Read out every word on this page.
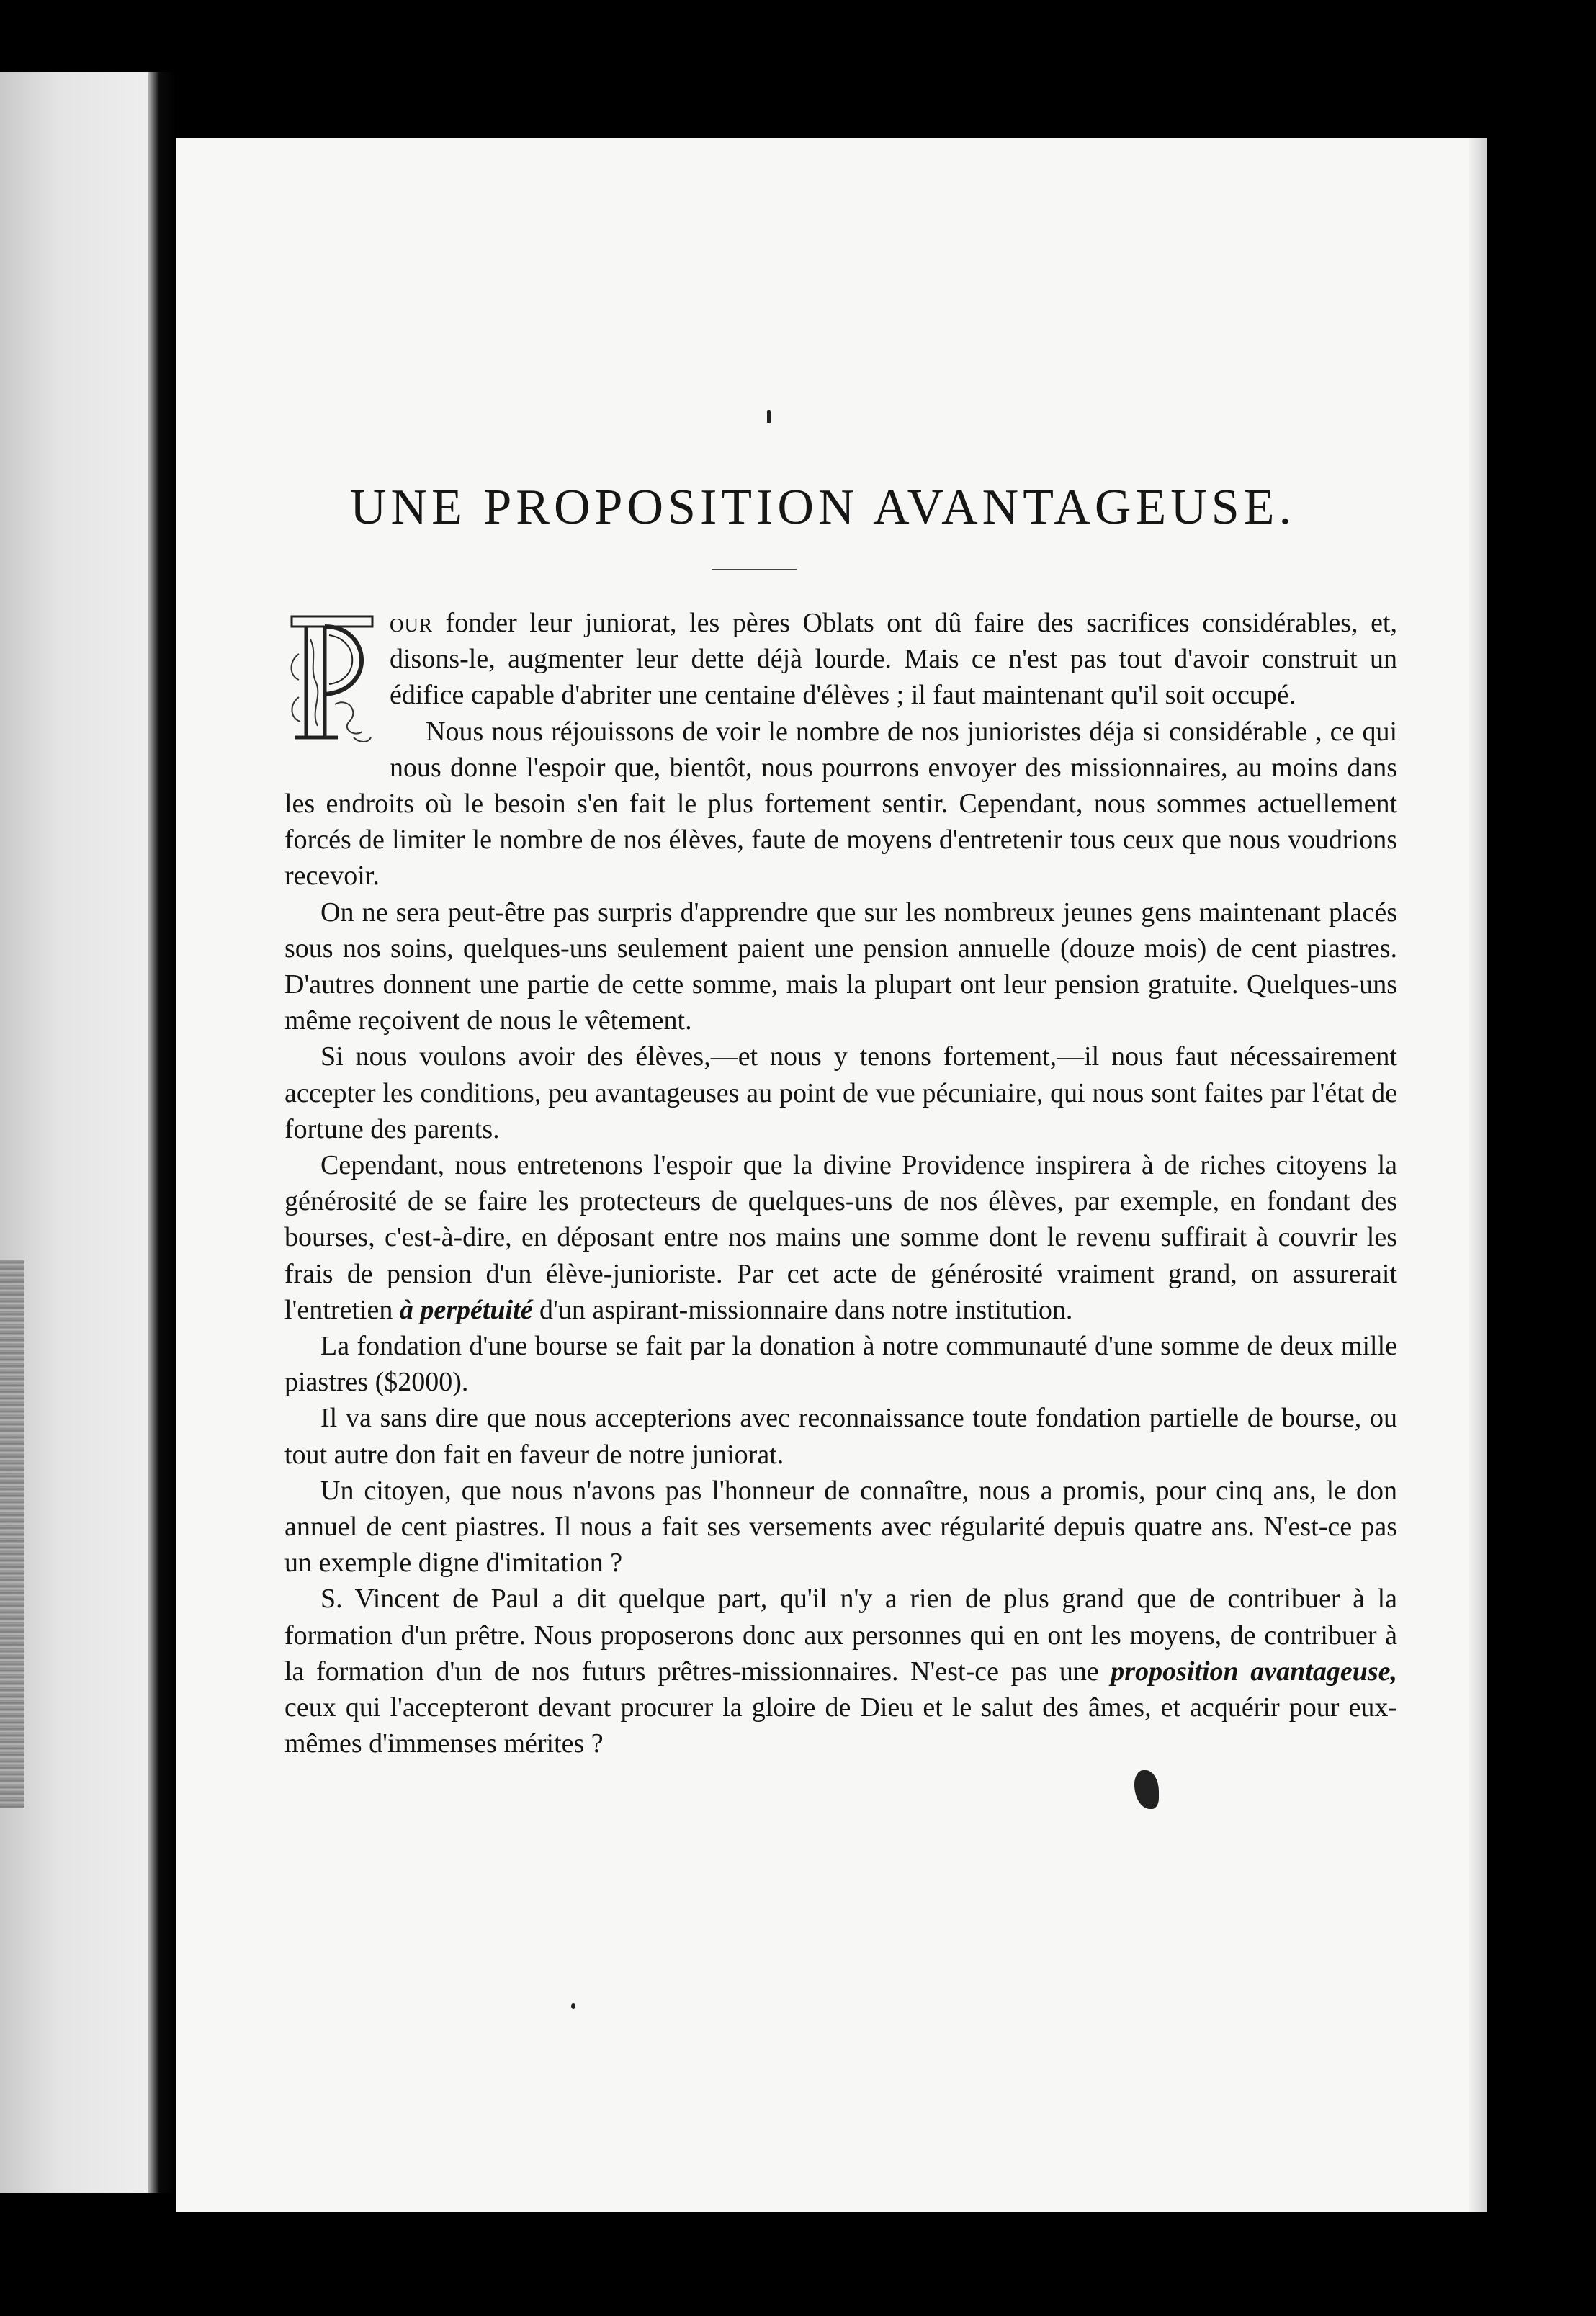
UNE PROPOSITION AVANTAGEUSE.

our fonder leur juniorat, les pères Oblats ont dû faire des sacrifices considérables, et, disons-le, augmenter leur dette déjà lourde. Mais ce n'est pas tout d'avoir construit un édifice capable d'abriter une centaine d'élèves ; il faut maintenant qu'il soit occupé.

Nous nous réjouissons de voir le nombre de nos junioristes déja si considérable , ce qui nous donne l'espoir que, bientôt, nous pourrons envoyer des missionnaires, au moins dans les endroits où le besoin s'en fait le plus fortement sentir. Cependant, nous sommes actuellement forcés de limiter le nombre de nos élèves, faute de moyens d'entretenir tous ceux que nous voudrions recevoir.

On ne sera peut-être pas surpris d'apprendre que sur les nombreux jeunes gens maintenant placés sous nos soins, quelques-uns seulement paient une pension annuelle (douze mois) de cent piastres. D'autres donnent une partie de cette somme, mais la plupart ont leur pension gratuite. Quelques-uns même reçoivent de nous le vêtement.

Si nous voulons avoir des élèves,—et nous y tenons fortement,—il nous faut nécessairement accepter les conditions, peu avantageuses au point de vue pécuniaire, qui nous sont faites par l'état de fortune des parents.

Cependant, nous entretenons l'espoir que la divine Providence inspirera à de riches citoyens la générosité de se faire les protecteurs de quelques-uns de nos élèves, par exemple, en fondant des bourses, c'est-à-dire, en déposant entre nos mains une somme dont le revenu suffirait à couvrir les frais de pension d'un élève-junioriste. Par cet acte de générosité vraiment grand, on assurerait l'entretien à perpétuité d'un aspirant-missionnaire dans notre institution.

La fondation d'une bourse se fait par la donation à notre communauté d'une somme de deux mille piastres ($2000).

Il va sans dire que nous accepterions avec reconnaissance toute fondation partielle de bourse, ou tout autre don fait en faveur de notre juniorat.

Un citoyen, que nous n'avons pas l'honneur de connaître, nous a promis, pour cinq ans, le don annuel de cent piastres. Il nous a fait ses versements avec régularité depuis quatre ans. N'est-ce pas un exemple digne d'imitation ?

S. Vincent de Paul a dit quelque part, qu'il n'y a rien de plus grand que de contribuer à la formation d'un prêtre. Nous proposerons donc aux personnes qui en ont les moyens, de contribuer à la formation d'un de nos futurs prêtres-missionnaires. N'est-ce pas une proposition avantageuse, ceux qui l'accepteront devant procurer la gloire de Dieu et le salut des âmes, et acquérir pour eux-mêmes d'immenses mérites ?
